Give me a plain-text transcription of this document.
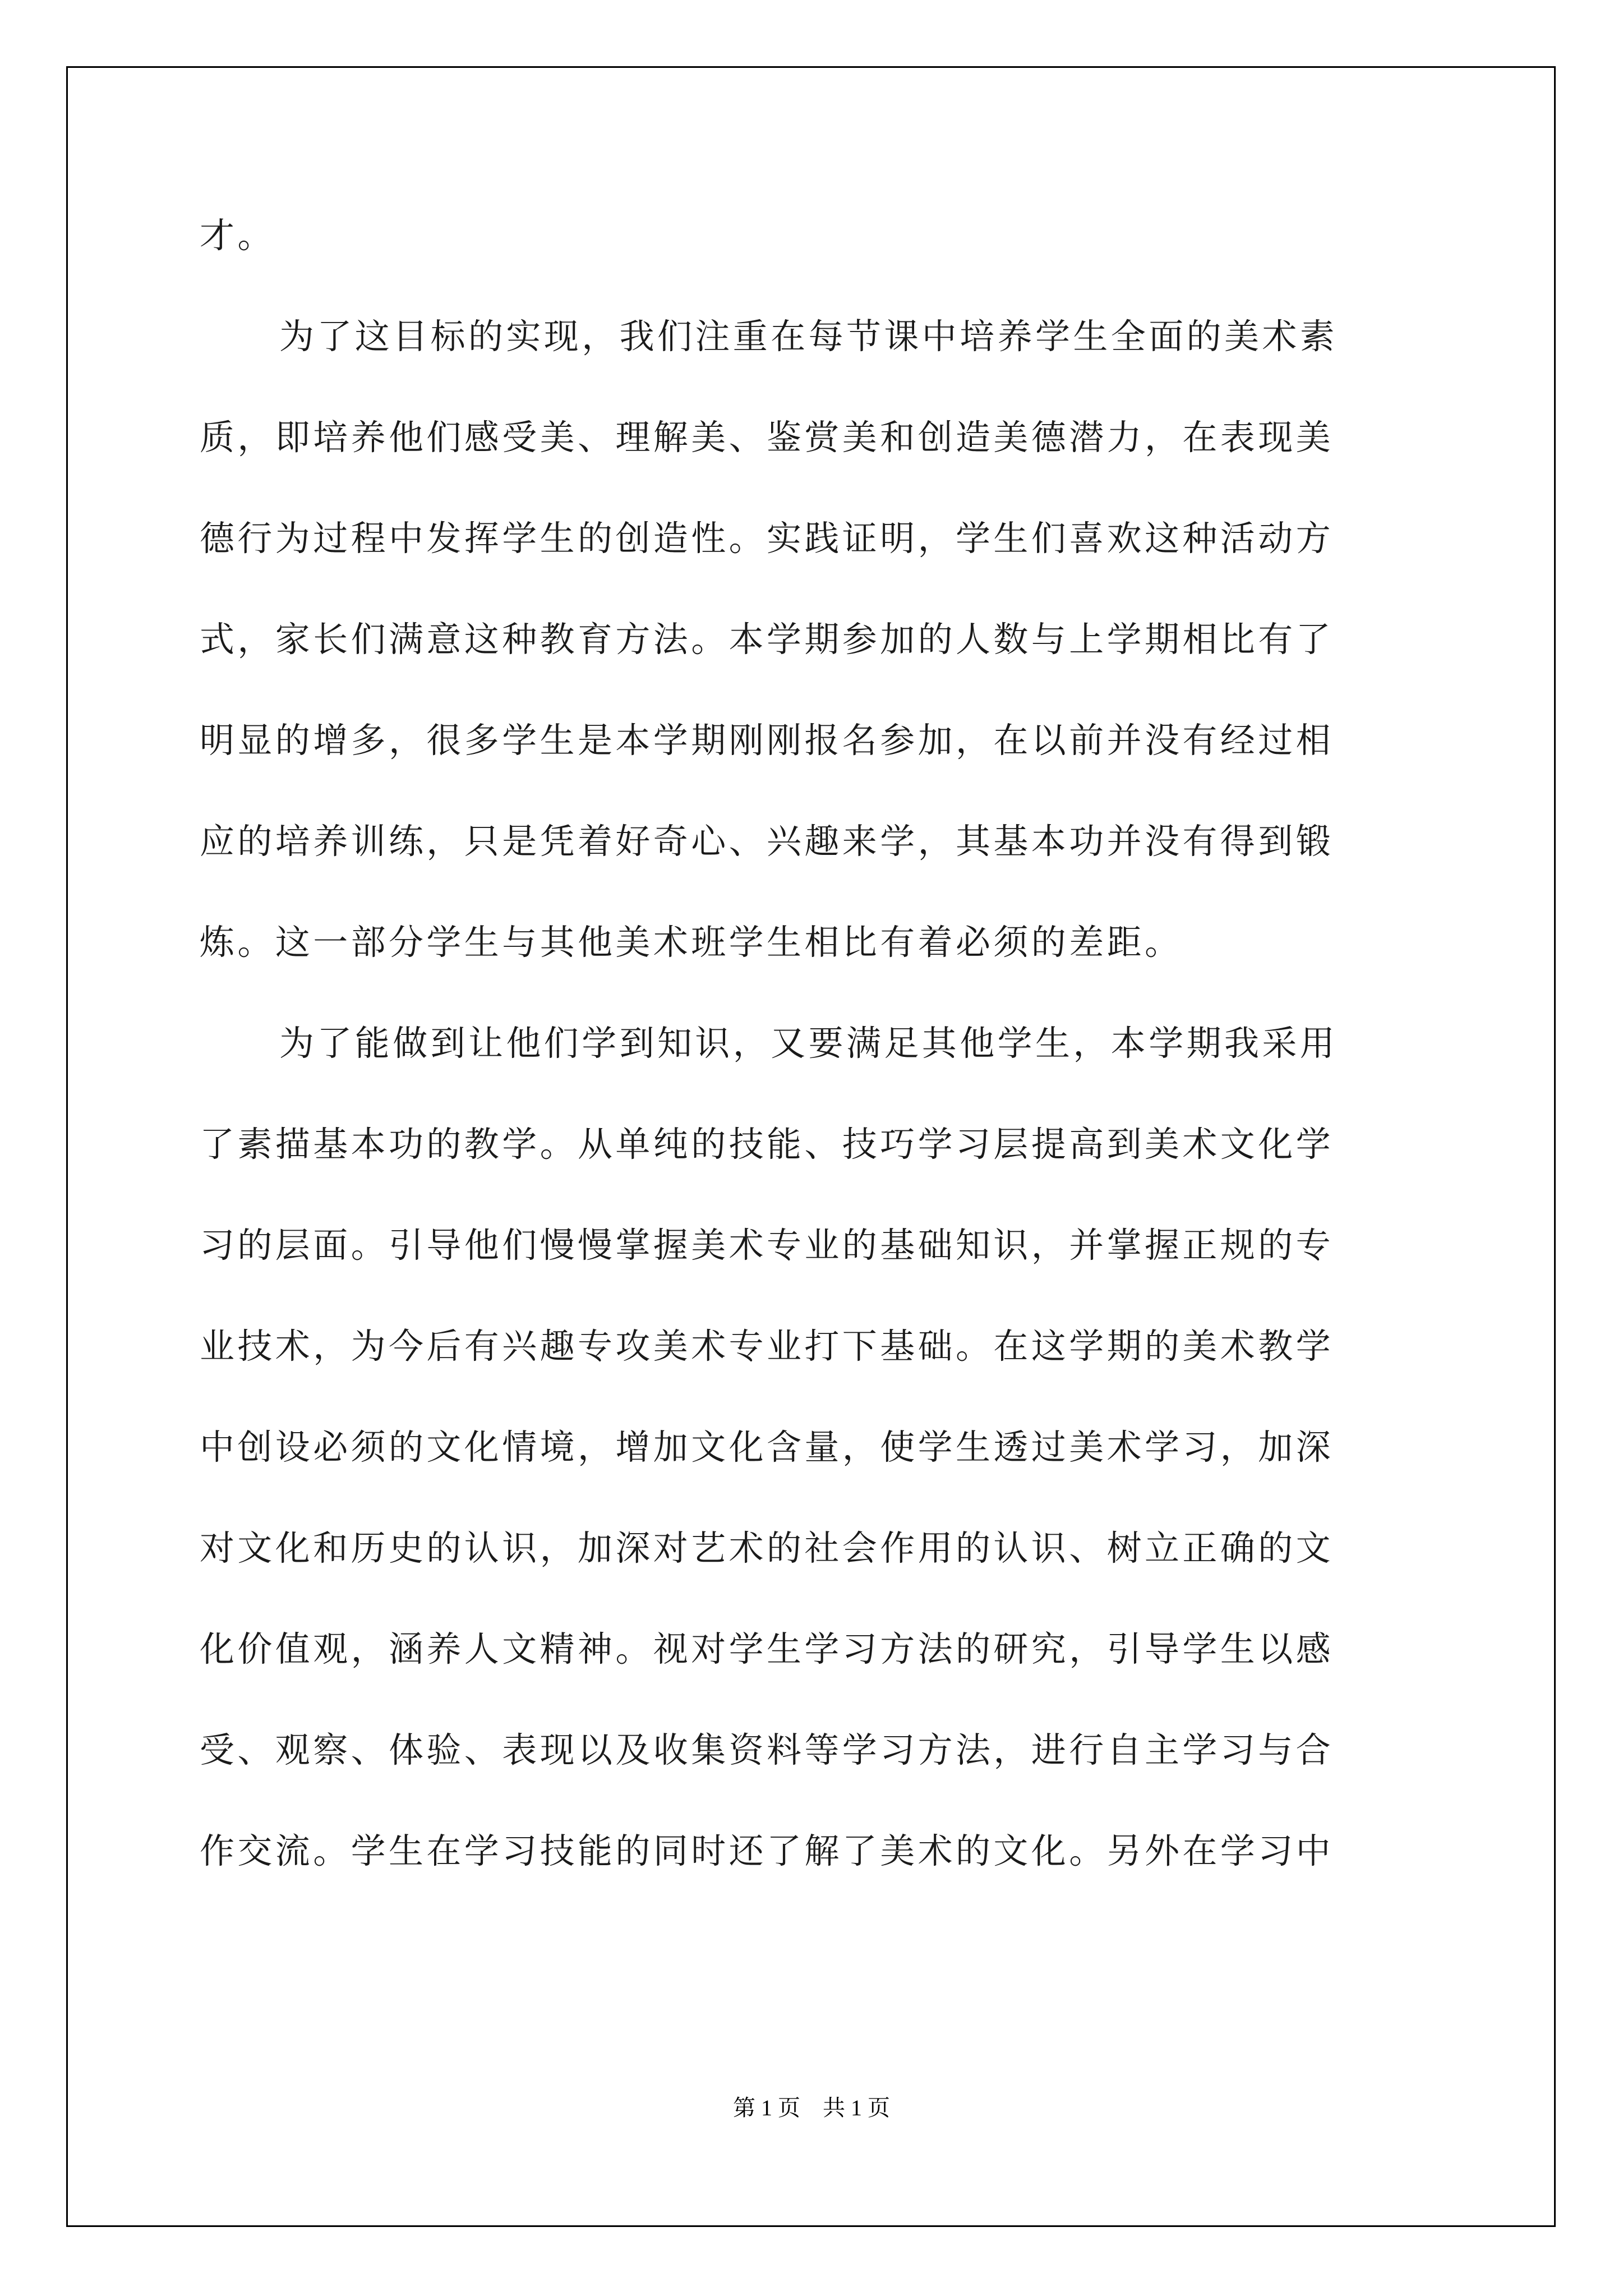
才。
为了这目标的实现，我们注重在每节课中培养学生全面的美术素
质，即培养他们感受美、理解美、鉴赏美和创造美德潜力，在表现美
德行为过程中发挥学生的创造性。实践证明，学生们喜欢这种活动方
式，家长们满意这种教育方法。本学期参加的人数与上学期相比有了
明显的增多，很多学生是本学期刚刚报名参加，在以前并没有经过相
应的培养训练，只是凭着好奇心、兴趣来学，其基本功并没有得到锻
炼。这一部分学生与其他美术班学生相比有着必须的差距。
为了能做到让他们学到知识，又要满足其他学生，本学期我采用
了素描基本功的教学。从单纯的技能、技巧学习层提高到美术文化学
习的层面。引导他们慢慢掌握美术专业的基础知识，并掌握正规的专
业技术，为今后有兴趣专攻美术专业打下基础。在这学期的美术教学
中创设必须的文化情境，增加文化含量，使学生透过美术学习，加深
对文化和历史的认识，加深对艺术的社会作用的认识、树立正确的文
化价值观，涵养人文精神。视对学生学习方法的研究，引导学生以感
受、观察、体验、表现以及收集资料等学习方法，进行自主学习与合
作交流。学生在学习技能的同时还了解了美术的文化。另外在学习中
第 1 页　共 1 页
